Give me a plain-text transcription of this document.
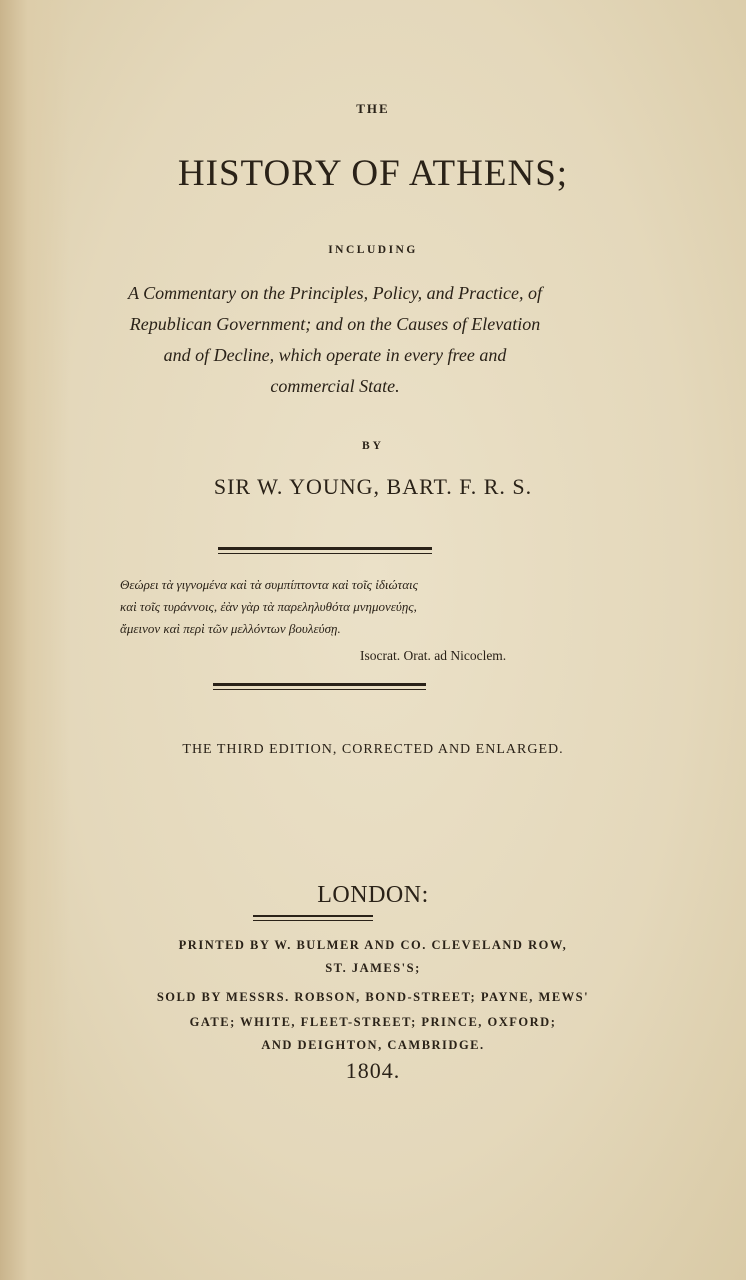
THE
HISTORY OF ATHENS;
INCLUDING
A Commentary on the Principles, Policy, and Practice, of
Republican Government; and on the Causes of Elevation
and of Decline, which operate in every free and
commercial State.
BY
SIR W. YOUNG, BART. F. R. S.
Θεώρει τὰ γιγνομένα καὶ τὰ συμπίπτοντα καὶ τοῖς ἰδιώταις
καὶ τοῖς τυράννοις, ἐὰν γὰρ τὰ παρεληλυθότα μνημονεύῃς,
ἄμεινον καὶ περὶ τῶν μελλόντων βουλεύσῃ.
Isocrat. Orat. ad Nicoclem.
THE THIRD EDITION, CORRECTED AND ENLARGED.
LONDON:
PRINTED BY W. BULMER AND CO. CLEVELAND ROW,
ST. JAMES'S;
SOLD BY MESSRS. ROBSON, BOND-STREET; PAYNE, MEWS'
GATE; WHITE, FLEET-STREET; PRINCE, OXFORD;
AND DEIGHTON, CAMBRIDGE.
1804.
